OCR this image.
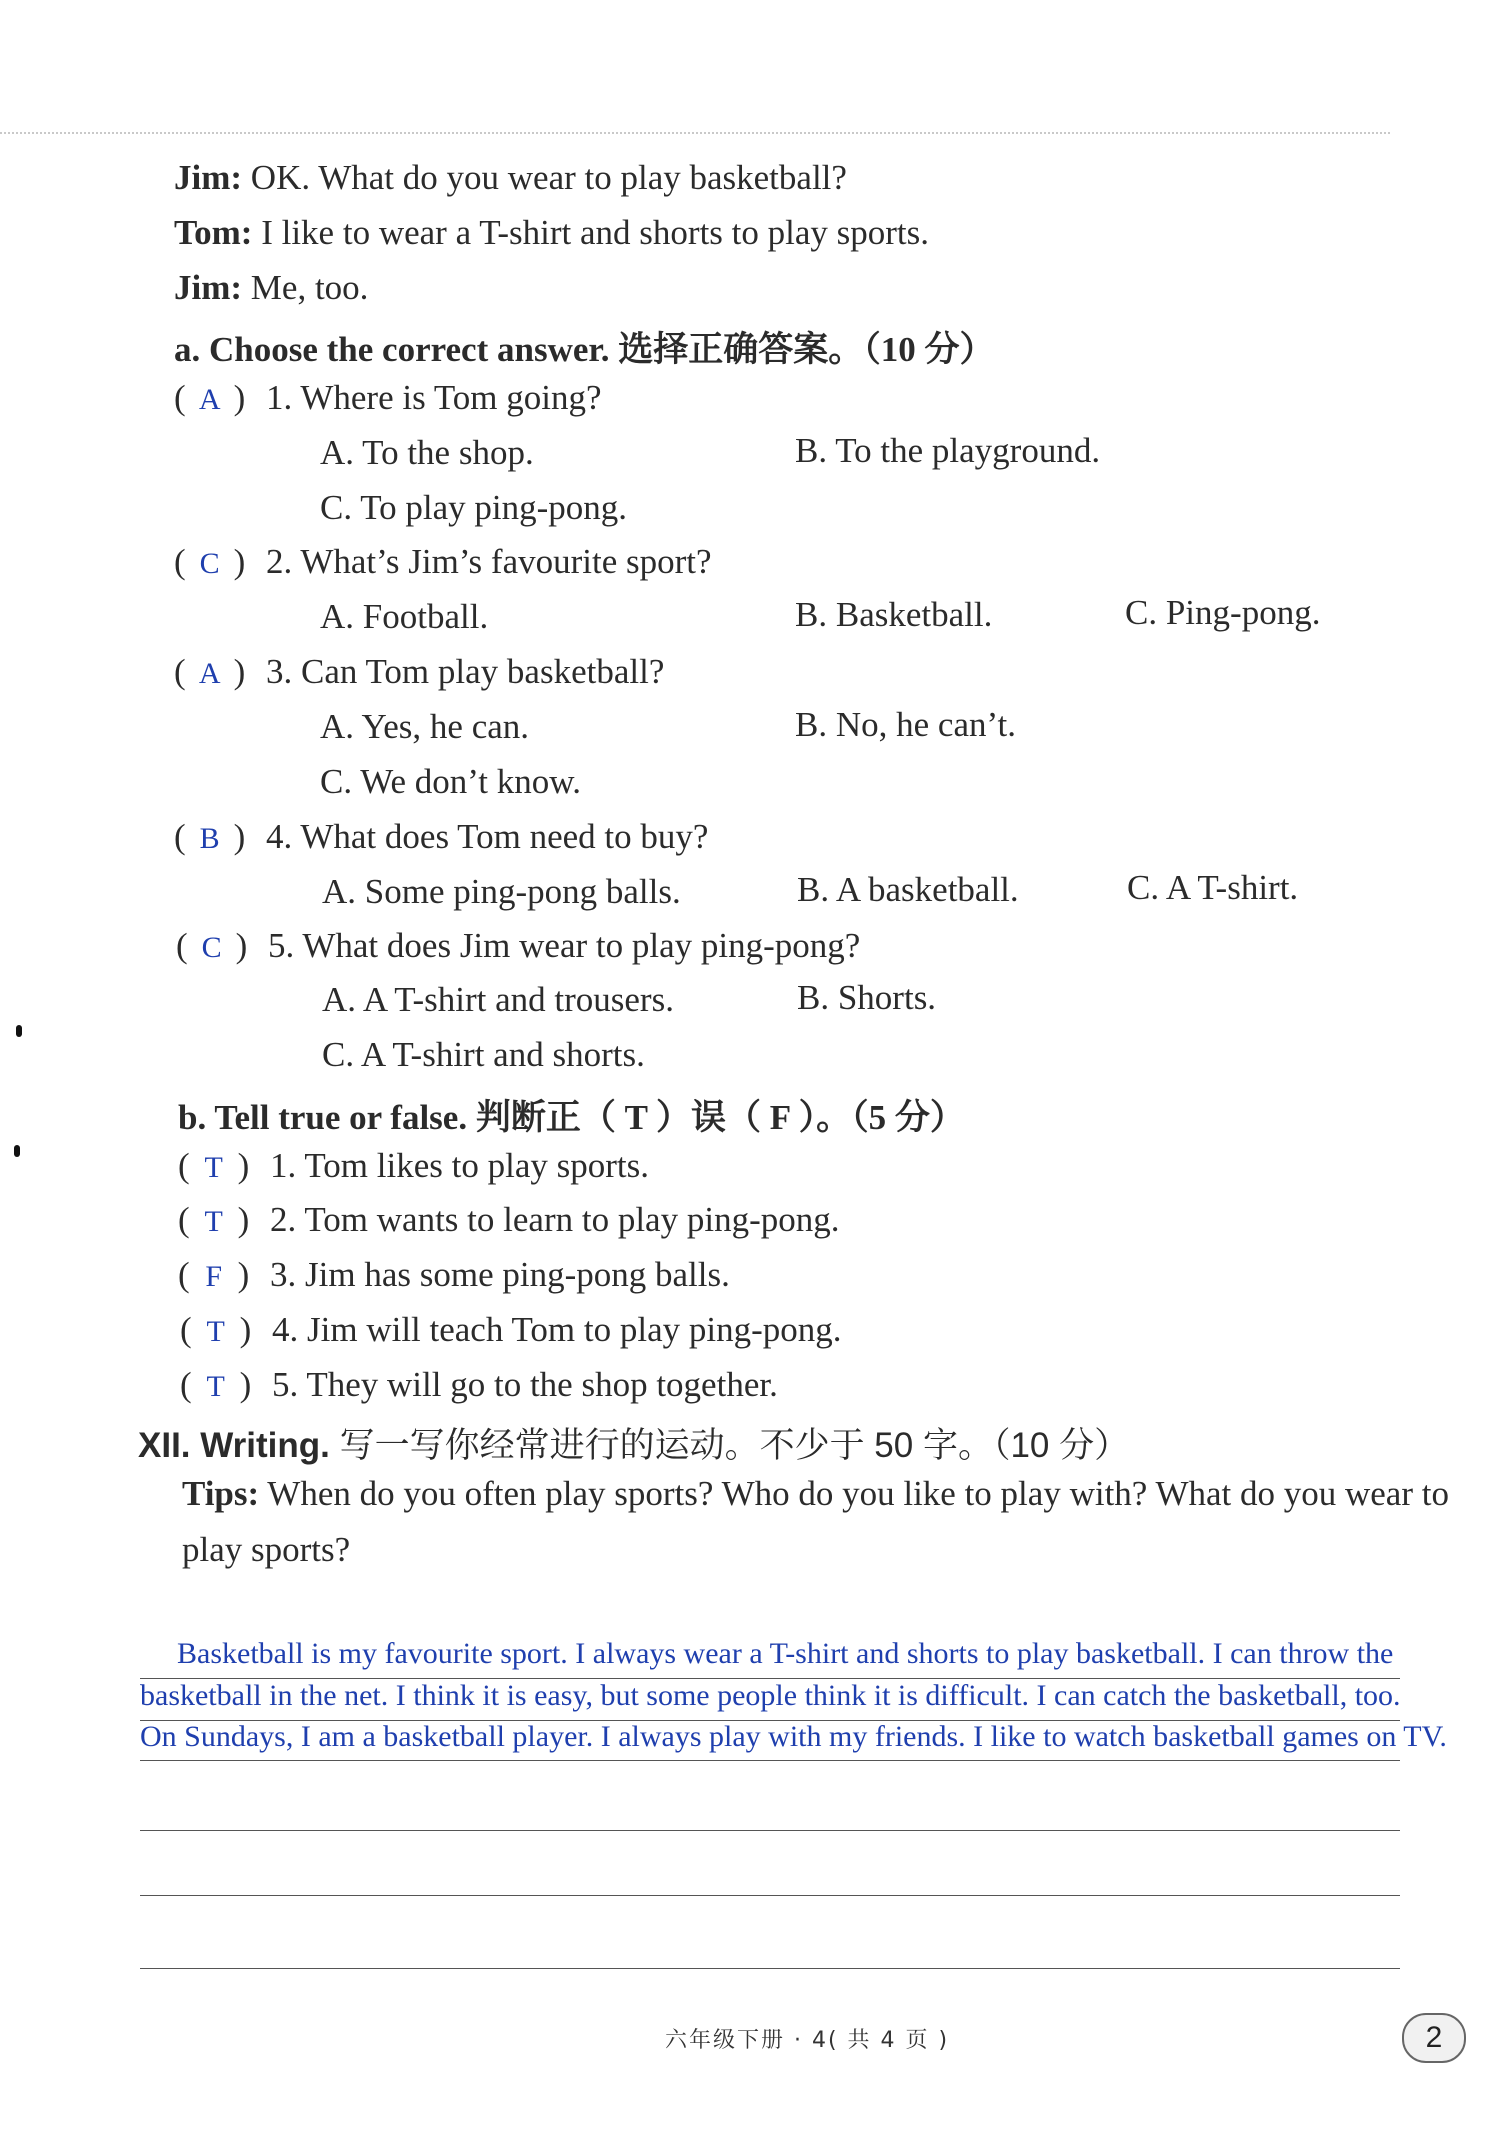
Jim: OK. What do you wear to play basketball?
Tom: I like to wear a T-shirt and shorts to play sports.
Jim: Me, too.
a. Choose the correct answer. 选择正确答案。（10 分）
( A ) 1. Where is Tom going?
A. To the shop.	B. To the playground.
C. To play ping-pong.
( C ) 2. What’s Jim’s favourite sport?
A. Football.	B. Basketball.	C. Ping-pong.
( A ) 3. Can Tom play basketball?
A. Yes, he can.	B. No, he can’t.
C. We don’t know.
( B ) 4. What does Tom need to buy?
A. Some ping-pong balls.	B. A basketball.	C. A T-shirt.
( C ) 5. What does Jim wear to play ping-pong?
A. A T-shirt and trousers.	B. Shorts.
C. A T-shirt and shorts.
b. Tell true or false. 判断正（ T ）误（ F ）。（5 分）
( T ) 1. Tom likes to play sports.
( T ) 2. Tom wants to learn to play ping-pong.
( F ) 3. Jim has some ping-pong balls.
( T ) 4. Jim will teach Tom to play ping-pong.
( T ) 5. They will go to the shop together.
XII. Writing. 写一写你经常进行的运动。不少于 50 字。（10 分）
Tips: When do you often play sports? Who do you like to play with? What do you wear to play sports?
Basketball is my favourite sport. I always wear a T-shirt and shorts to play basketball. I can throw the
basketball in the net. I think it is easy, but some people think it is difficult. I can catch the basketball, too.
On Sundays, I am a basketball player. I always play with my friends. I like to watch basketball games on TV.
六年级下册 · 4( 共 4 页 )	2
